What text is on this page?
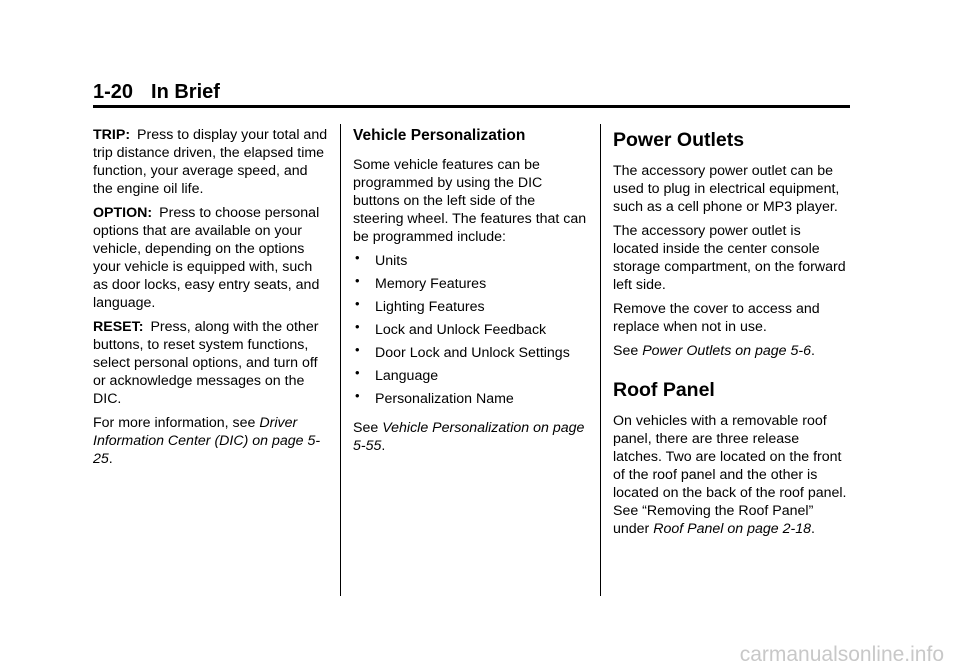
1-20 In Brief

TRIP: Press to display your total and trip distance driven, the elapsed time function, your average speed, and the engine oil life.

OPTION: Press to choose personal options that are available on your vehicle, depending on the options your vehicle is equipped with, such as door locks, easy entry seats, and language.

RESET: Press, along with the other buttons, to reset system functions, select personal options, and turn off or acknowledge messages on the DIC.

For more information, see Driver Information Center (DIC) on page 5-25.

Vehicle Personalization

Some vehicle features can be programmed by using the DIC buttons on the left side of the steering wheel. The features that can be programmed include:

• Units
• Memory Features
• Lighting Features
• Lock and Unlock Feedback
• Door Lock and Unlock Settings
• Language
• Personalization Name

See Vehicle Personalization on page 5-55.

Power Outlets

The accessory power outlet can be used to plug in electrical equipment, such as a cell phone or MP3 player.

The accessory power outlet is located inside the center console storage compartment, on the forward left side.

Remove the cover to access and replace when not in use.

See Power Outlets on page 5-6.

Roof Panel

On vehicles with a removable roof panel, there are three release latches. Two are located on the front of the roof panel and the other is located on the back of the roof panel. See “Removing the Roof Panel” under Roof Panel on page 2-18.

carmanualsonline.info
